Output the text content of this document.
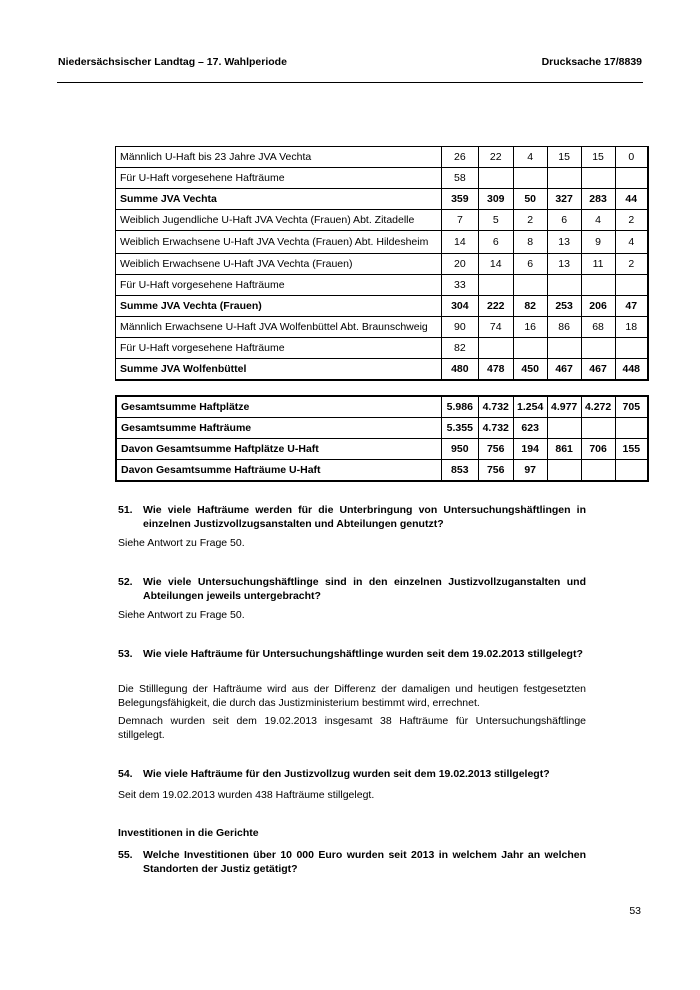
Niedersächsischer Landtag – 17. Wahlperiode	Drucksache 17/8839
Männlich U-Haft bis 23 Jahre JVA Vechta	26	22	4	15	15	0
Für U-Haft vorgesehene Hafträume	58					
Summe JVA Vechta	359	309	50	327	283	44
Weiblich Jugendliche U-Haft JVA Vechta (Frauen) Abt. Zitadelle	7	5	2	6	4	2
Weiblich Erwachsene U-Haft JVA Vechta (Frauen) Abt. Hildesheim	14	6	8	13	9	4
Weiblich Erwachsene U-Haft JVA Vechta (Frauen)	20	14	6	13	11	2
Für U-Haft vorgesehene Hafträume	33					
Summe JVA Vechta (Frauen)	304	222	82	253	206	47
Männlich Erwachsene U-Haft JVA Wolfenbüttel Abt. Braunschweig	90	74	16	86	68	18
Für U-Haft vorgesehene Hafträume	82					
Summe JVA Wolfenbüttel	480	478	450	467	467	448
Gesamtsumme Haftplätze	5.986	4.732	1.254	4.977	4.272	705
Gesamtsumme Hafträume	5.355	4.732	623			
Davon Gesamtsumme Haftplätze U-Haft	950	756	194	861	706	155
Davon Gesamtsumme Hafträume U-Haft	853	756	97			
51. Wie viele Hafträume werden für die Unterbringung von Untersuchungshäftlingen in einzelnen Justizvollzugsanstalten und Abteilungen genutzt?
Siehe Antwort zu Frage 50.
52. Wie viele Untersuchungshäftlinge sind in den einzelnen Justizvollzuganstalten und Abteilungen jeweils untergebracht?
Siehe Antwort zu Frage 50.
53. Wie viele Hafträume für Untersuchungshäftlinge wurden seit dem 19.02.2013 stillgelegt?
Die Stilllegung der Hafträume wird aus der Differenz der damaligen und heutigen festgesetzten Belegungsfähigkeit, die durch das Justizministerium bestimmt wird, errechnet.
Demnach wurden seit dem 19.02.2013 insgesamt 38 Hafträume für Untersuchungshäftlinge stillgelegt.
54. Wie viele Hafträume für den Justizvollzug wurden seit dem 19.02.2013 stillgelegt?
Seit dem 19.02.2013 wurden 438 Hafträume stillgelegt.
Investitionen in die Gerichte
55. Welche Investitionen über 10 000 Euro wurden seit 2013 in welchem Jahr an welchen Standorten der Justiz getätigt?
53
